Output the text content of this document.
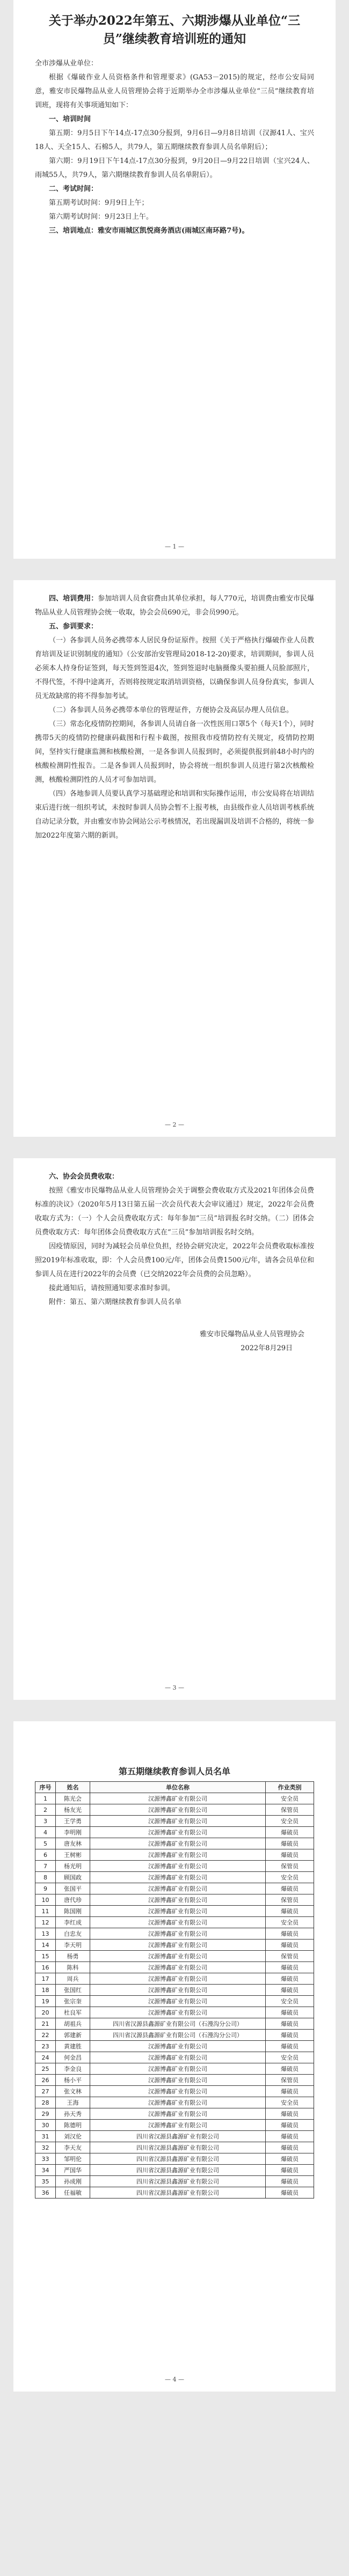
关于举办2022年第五、六期涉爆从业单位“三员”继续教育培训班的通知

全市涉爆从业单位：

根据《爆破作业人员资格条件和管理要求》(GA53－2015)的规定，经市公安局同意，雅安市民爆物品从业人员管理协会将于近期举办全市涉爆从业单位“三员”继续教育培训班，现将有关事项通知如下：

一、培训时间

第五期：9月5日下午14点-17点30分报到，9月6日—9月8日培训（汉源41人、宝兴18人、天全15人、石棉5人，共79人，第五期继续教育参训人员名单附后）；

第六期：9月19日下午14点-17点30分报到，9月20日—9月22日培训（宝兴24人、雨城55人，共79人，第六期继续教育参训人员名单附后）。

二、考试时间：

第五期考试时间：9月9日上午；

第六期考试时间：9月23日上午。

三、培训地点：雅安市雨城区凯悦商务酒店(雨城区南环路7号)。

— 1 —

四、培训费用：参加培训人员食宿费由其单位承担，每人770元，培训费由雅安市民爆物品从业人员管理协会统一收取，协会会员690元，非会员990元。

五、参训要求：

（一）各参训人员务必携带本人居民身份证原件。按照《关于严格执行爆破作业人员教育培训及证识别制度的通知》（公安部治安管理局2018-12-20)要求，培训期间，参训人员必须本人持身份证签到，每天签到签退4次，签到签退时电脑摄像头要拍摄人员脸部照片，不得代签，不得中途离开，否则将按规定取消培训资格，以确保参训人员身份真实，参训人员无故缺席的将不得参加考试。

（二）各参训人员务必携带本单位的管理证件，方便协会及高层办理人员信息。

（三）常态化疫情防控期间，各参训人员请自备一次性医用口罩5个（每天1个），同时携带5天的疫情防控健康码截图和行程卡截图，按照我市疫情防控有关规定，疫情防控期间，坚持实行健康监测和核酸检测，一是各参训人员报到时，必须提供报到前48小时内的核酸检测阴性报告。二是各参训人员报到时，协会将统一组织参训人员进行第2次核酸检测，核酸检测阴性的人员才可参加培训。

（四）各地参训人员要认真学习基础理论和培训和实际操作运用，市公安局将在培训结束后进行统一组织考试，未按时参训人员协会暂不上报考核，由县级作业人员培训考核系统自动记录分数，并由雅安市协会网站公示考核情况，若出现漏训及培训不合格的，将统一参加2022年度第六期的新训。

— 2 —

六、协会会员费收取：

按照《雅安市民爆物品从业人员管理协会关于调整会费收取方式及2021年团体会员费标准的决议》（2020年5月13日第五届一次会员代表大会审议通过）规定，2022年会员费收取方式为：（一）个人会员费收取方式：每年参加“三员”培训报名时交纳。（二）团体会员费收取方式：每年团体会员费收取方式在“三员”参加培训报名时交纳。

因疫情原因，同时为减轻会员单位负担，经协会研究决定，2022年会员费收取标准按照2019年标准收取，即：个人会员费100元/年，团体会员费1500元/年，请各会员单位和参训人员在进行2022年的会员费（已交纳2022年会员费的会员忽略）。

接此通知后，请按照通知要求准时参训。

附件：第五、第六期继续教育参训人员名单

雅安市民爆物品从业人员管理协会

2022年8月29日

— 3 —
第五期继续教育参训人员名单
序号	姓名	单位名称	作业类别
1	陈光会	汉源博鑫矿业有限公司	安全员
2	杨友光	汉源博鑫矿业有限公司	保管员
3	王学勇	汉源博鑫矿业有限公司	安全员
4	李明刚	汉源博鑫矿业有限公司	爆破员
5	唐友林	汉源博鑫矿业有限公司	爆破员
6	王树彬	汉源博鑫矿业有限公司	爆破员
7	杨光明	汉源博鑫矿业有限公司	保管员
8	顾国政	汉源博鑫矿业有限公司	安全员
9	张国平	汉源博鑫矿业有限公司	爆破员
10	唐代珍	汉源博鑫矿业有限公司	保管员
11	陈国刚	汉源博鑫矿业有限公司	爆破员
12	李红成	汉源博鑫矿业有限公司	安全员
13	白忠友	汉源博鑫矿业有限公司	爆破员
14	李天明	汉源博鑫矿业有限公司	爆破员
15	杨勇	汉源博鑫矿业有限公司	保管员
16	陈科	汉源博鑫矿业有限公司	爆破员
17	周兵	汉源博鑫矿业有限公司	爆破员
18	张国红	汉源博鑫矿业有限公司	爆破员
19	张宗奎	汉源博鑫矿业有限公司	安全员
20	杜良军	汉源博鑫矿业有限公司	爆破员
21	胡祖兵	四川省汉源县鑫源矿业有限公司（石漫沟分公司）	爆破员
22	郭建新	四川省汉源县鑫源矿业有限公司（石漫沟分公司）	爆破员
23	黄建胜	汉源博鑫矿业有限公司	爆破员
24	何金昌	汉源博鑫矿业有限公司	安全员
25	李金良	汉源博鑫矿业有限公司	爆破员
26	杨小平	汉源博鑫矿业有限公司	保管员
27	张文林	汉源博鑫矿业有限公司	爆破员
28	王海	汉源博鑫矿业有限公司	安全员
29	孙天秀	汉源博鑫矿业有限公司	爆破员
30	陈德明	汉源博鑫矿业有限公司	爆破员
31	刘汉伦	四川省汉源县鑫源矿业有限公司	爆破员
32	李天友	四川省汉源县鑫源矿业有限公司	爆破员
33	邹明伦	四川省汉源县鑫源矿业有限公司	爆破员
34	严国华	四川省汉源县鑫源矿业有限公司	爆破员
35	孙成刚	四川省汉源县鑫源矿业有限公司	爆破员
36	任福敏	四川省汉源县鑫源矿业有限公司	爆破员
— 4 —
